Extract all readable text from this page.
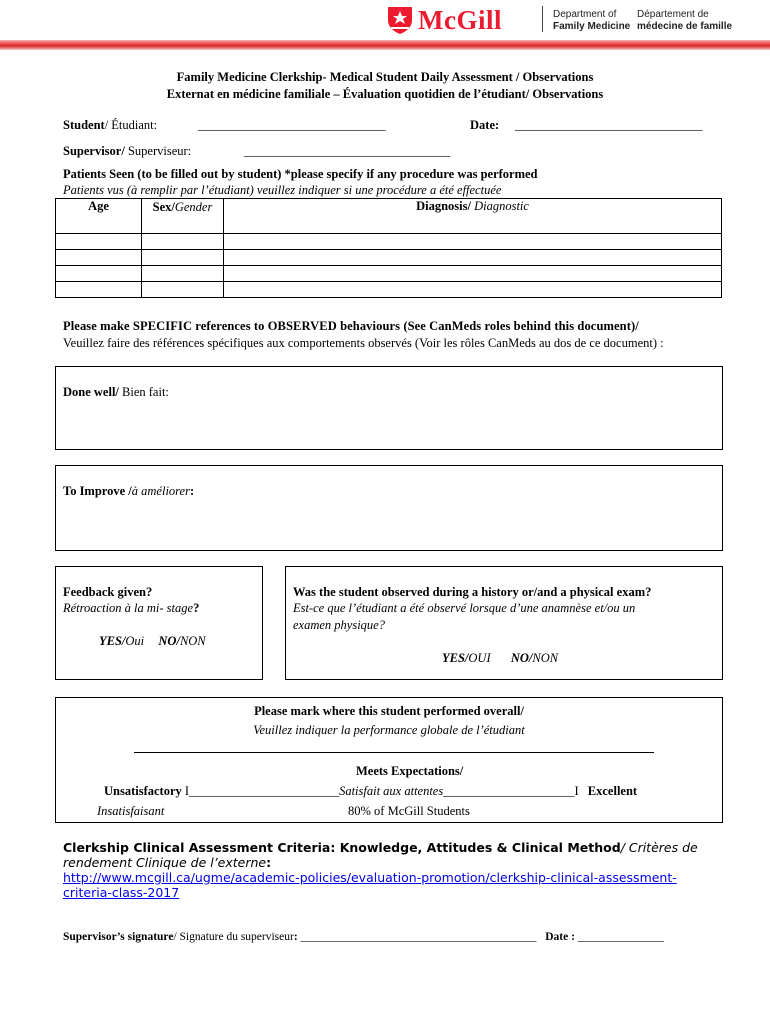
McGill	Department of
Family Medicine
Département de
médecine de famille
Family Medicine Clerkship- Medical Student Daily Assessment / Observations
Externat en médicine familiale – Évaluation quotidien de l’étudiant/ Observations
Student/ Étudiant:	______________________________	Date: ______________________________
Supervisor/ Superviseur:	_________________________________
Patients Seen (to be filled out by student) *please specify if any procedure was performed
Patients vus (à remplir par l’étudiant) veuillez indiquer si une procédure a été effectuée
Age	Sex/Gender	Diagnosis/ Diagnostic

Please make SPECIFIC references to OBSERVED behaviours (See CanMeds roles behind this document)/
Veuillez faire des références spécifiques aux comportements observés (Voir les rôles CanMeds au dos de ce document) :
Done well/ Bien fait:
To Improve /à améliorer:
Feedback given?
Rétroaction à la mi- stage?
YES/Oui NO/NON
Was the student observed during a history or/and a physical exam?
Est-ce que l’étudiant a été observé lorsque d’une anamnèse et/ou un
examen physique?
YES/OUI NO/NON
Please mark where this student performed overall/
Veuillez indiquer la performance globale de l’étudiant
Meets Expectations/
Unsatisfactory I________________________Satisfait aux attentes_____________________I Excellent
Insatisfaisant	80% of McGill Students
Clerkship Clinical Assessment Criteria: Knowledge, Attitudes & Clinical Method/ Critères de
rendement Clinique de l’externe:
http://www.mcgill.ca/ugme/academic-policies/evaluation-promotion/clerkship-clinical-assessment-
criteria-class-2017
Supervisor’s signature/ Signature du superviseur: _________________________________________ Date : _______________
